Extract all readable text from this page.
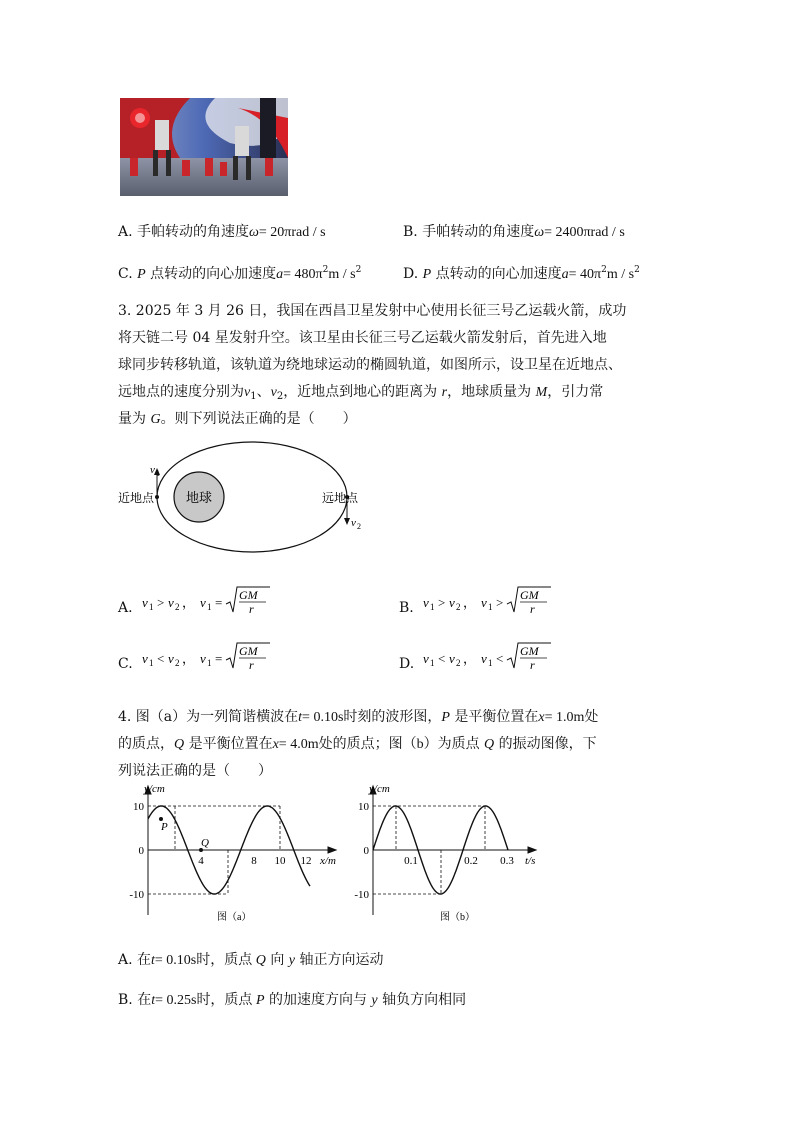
A. 手帕转动的角速度ω= 20πrad / s	B. 手帕转动的角速度ω= 2400πrad / s
C. P 点转动的向心加速度$a= 480\pi^2m / s^2$	D. P 点转动的向心加速度$a= 40\pi^2m / s^2$
3. 2025 年 3 月 26 日，我国在西昌卫星发射中心使用长征三号乙运载火箭，成功
将天链二号 04 星发射升空。该卫星由长征三号乙运载火箭发射后，首先进入地
球同步转移轨道，该轨道为绕地球运动的椭圆轨道，如图所示，设卫星在近地点、
远地点的速度分别为$v_1$、$v_2$，近地点到地心的距离为 r，地球质量为 M，引力常
量为 G。则下列说法正确的是（　　）
地球
近地点	远地点
v 1
v 2
A. v 1 > v 2 ， v 1 = GM
r	B. v 1 > v 2 ， v 1 > GM
r
C. v 1 < v 2 ， v 1 = GM
r	D. v 1 < v 2 ， v 1 < GM
r
4. 图（a）为一列简谐横波在t= 0.10s时刻的波形图，P 是平衡位置在x= 1.0m处
的质点，Q 是平衡位置在x= 4.0m处的质点；图（b）为质点 Q 的振动图像，下
列说法正确的是（　　）
y/cm
x/m
10
0
-10
4	8 10 12
P
Q
图（a）
y/cm
t/s
10
0
-10
0.1	0.2 0.3
图（b）
A. 在t= 0.10s时，质点 Q 向 y 轴正方向运动
B. 在t= 0.25s时，质点 P 的加速度方向与 y 轴负方向相同
